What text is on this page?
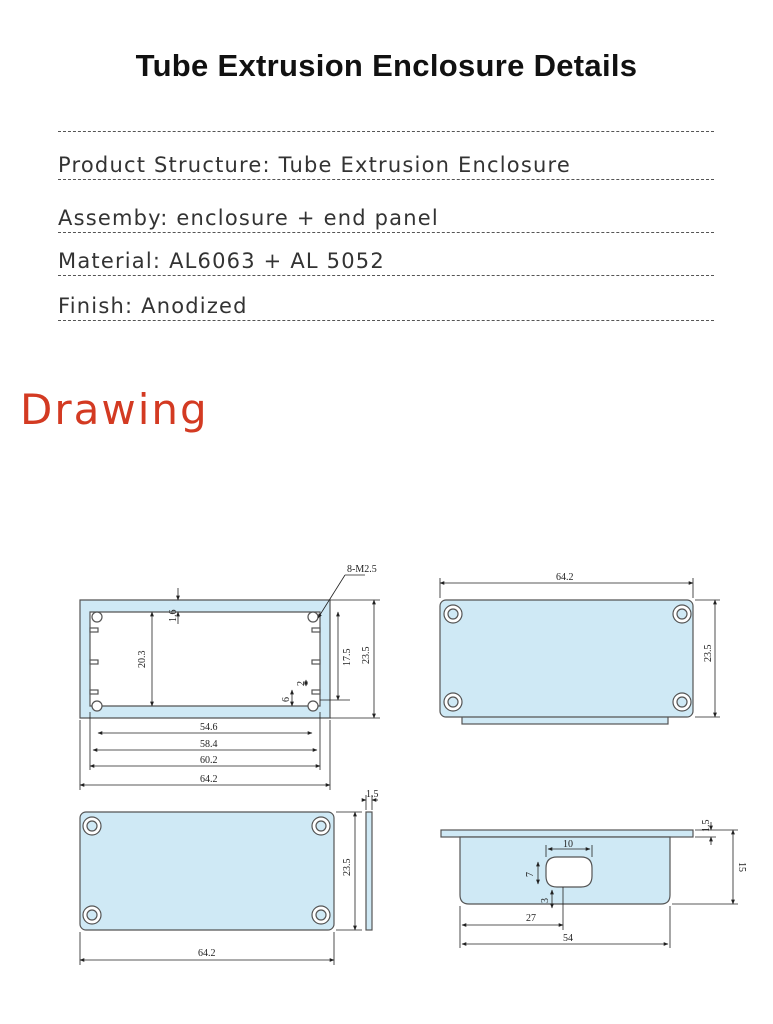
Tube Extrusion Enclosure Details
Product Structure: Tube Extrusion Enclosure
Assemby: enclosure + end panel
Material: AL6063 + AL 5052
Finish: Anodized
Drawing
8-M2.5
1.6
20.3	17.5 23.5
2
6
54.6
58.4
60.2
64.2
64.2
23.5
23.5
64.2
1.5
10
1.5
15
7
3
27
54
